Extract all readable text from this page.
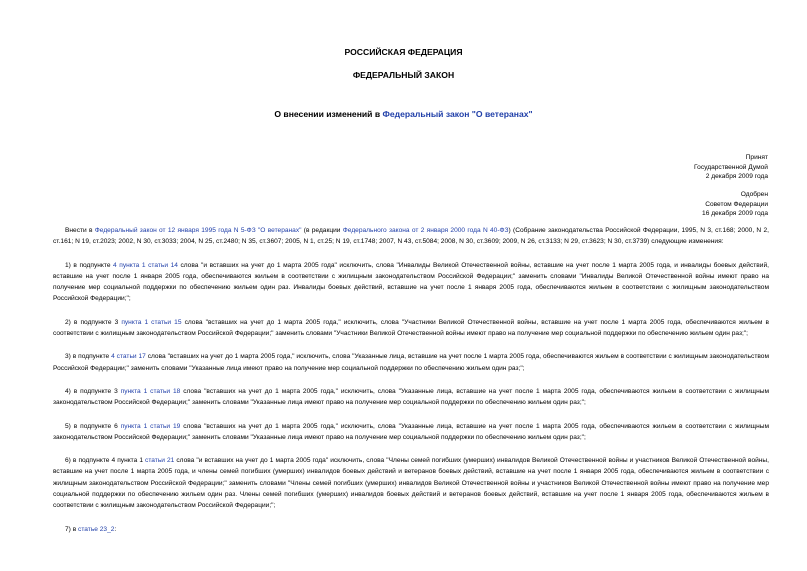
РОССИЙСКАЯ ФЕДЕРАЦИЯ
ФЕДЕРАЛЬНЫЙ ЗАКОН
О внесении изменений в Федеральный закон "О ветеранах"
Принят
Государственной Думой
2 декабря 2009 года
Одобрен
Советом Федерации
16 декабря 2009 года

Внести в Федеральный закон от 12 января 1995 года N 5-ФЗ "О ветеранах" (в редакции Федерального закона от 2 января 2000 года N 40-ФЗ) (Собрание законодательства Российской Федерации, 1995, N 3, ст.168; 2000, N 2, ст.161; N 19, ст.2023; 2002, N 30, ст.3033; 2004, N 25, ст.2480; N 35, ст.3607; 2005, N 1, ст.25; N 19, ст.1748; 2007, N 43, ст.5084; 2008, N 30, ст.3609; 2009, N 26, ст.3133; N 29, ст.3623; N 30, ст.3739) следующие изменения:

1) в подпункте 4 пункта 1 статьи 14 слова "и вставших на учет до 1 марта 2005 года" исключить, слова "Инвалиды Великой Отечественной войны, вставшие на учет после 1 марта 2005 года, и инвалиды боевых действий, вставшие на учет после 1 января 2005 года, обеспечиваются жильем в соответствии с жилищным законодательством Российской Федерации;" заменить словами "Инвалиды Великой Отечественной войны имеют право на получение мер социальной поддержки по обеспечению жильем один раз. Инвалиды боевых действий, вставшие на учет после 1 января 2005 года, обеспечиваются жильем в соответствии с жилищным законодательством Российской Федерации;";

2) в подпункте 3 пункта 1 статьи 15 слова "вставших на учет до 1 марта 2005 года," исключить, слова "Участники Великой Отечественной войны, вставшие на учет после 1 марта 2005 года, обеспечиваются жильем в соответствии с жилищным законодательством Российской Федерации;" заменить словами "Участники Великой Отечественной войны имеют право на получение мер социальной поддержки по обеспечению жильем один раз;";

3) в подпункте 4 статьи 17 слова "вставших на учет до 1 марта 2005 года," исключить, слова "Указанные лица, вставшие на учет после 1 марта 2005 года, обеспечиваются жильем в соответствии с жилищным законодательством Российской Федерации;" заменить словами "Указанные лица имеют право на получение мер социальной поддержки по обеспечению жильем один раз;";

4) в подпункте 3 пункта 1 статьи 18 слова "вставших на учет до 1 марта 2005 года," исключить, слова "Указанные лица, вставшие на учет после 1 марта 2005 года, обеспечиваются жильем в соответствии с жилищным законодательством Российской Федерации;" заменить словами "Указанные лица имеют право на получение мер социальной поддержки по обеспечению жильем один раз;";

5) в подпункте 6 пункта 1 статьи 19 слова "вставших на учет до 1 марта 2005 года," исключить, слова "Указанные лица, вставшие на учет после 1 марта 2005 года, обеспечиваются жильем в соответствии с жилищным законодательством Российской Федерации;" заменить словами "Указанные лица имеют право на получение мер социальной поддержки по обеспечению жильем один раз;";

6) в подпункте 4 пункта 1 статьи 21 слова "и вставших на учет до 1 марта 2005 года" исключить, слова "Члены семей погибших (умерших) инвалидов Великой Отечественной войны и участников Великой Отечественной войны, вставшие на учет после 1 марта 2005 года, и члены семей погибших (умерших) инвалидов боевых действий и ветеранов боевых действий, вставшие на учет после 1 января 2005 года, обеспечиваются жильем в соответствии с жилищным законодательством Российской Федерации;" заменить словами "Члены семей погибших (умерших) инвалидов Великой Отечественной войны и участников Великой Отечественной войны имеют право на получение мер социальной поддержки по обеспечению жильем один раз. Члены семей погибших (умерших) инвалидов боевых действий и ветеранов боевых действий, вставшие на учет после 1 января 2005 года, обеспечиваются жильем в соответствии с жилищным законодательством Российской Федерации;";

7) в статье 23_2:
